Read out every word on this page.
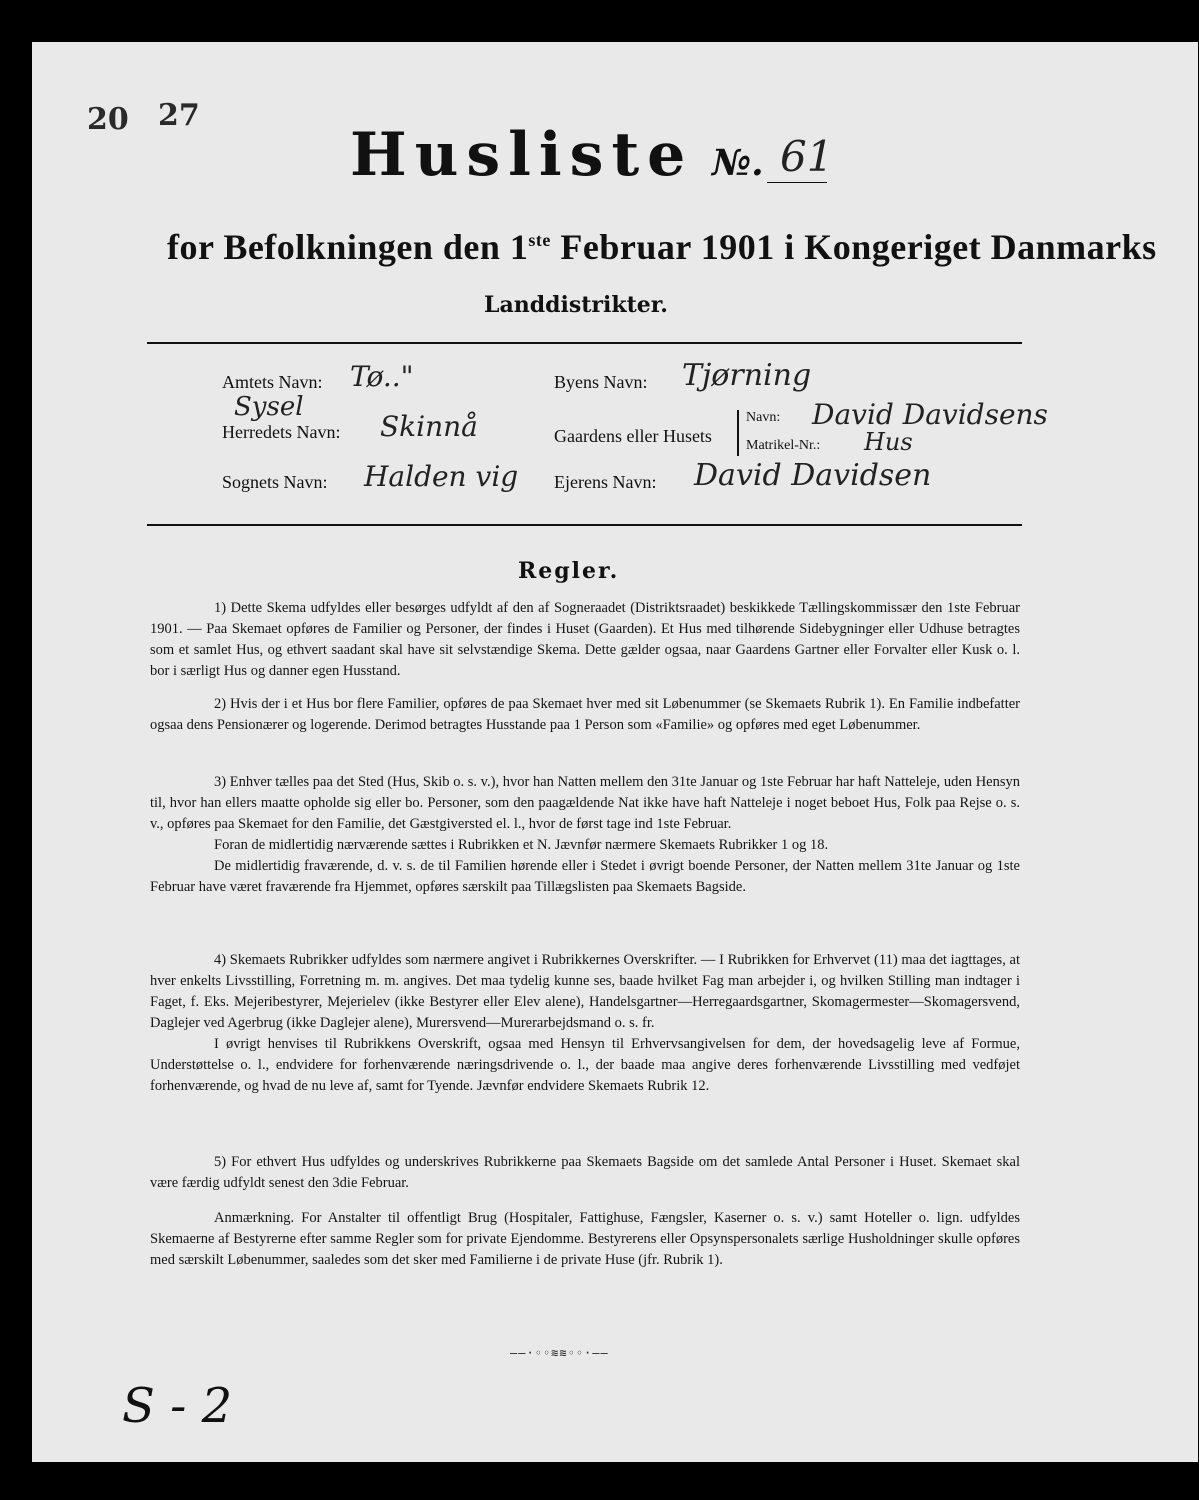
20 27
Husliste №. 61
for Befolkningen den 1ste Februar 1901 i Kongeriget Danmarks
Landdistrikter.
Amtets Navn: Tø.."
Sysel
Herredets Navn: Skinnå
Sognets Navn: Halden vig
Byens Navn: Tjørning
Gaardens eller Husets
Navn: David Davidsens
Matrikel-Nr.: Hus
Ejerens Navn: David Davidsen
Regler.

1) Dette Skema udfyldes eller besørges udfyldt af den af Sogneraadet (Distriktsraadet) beskikkede Tællingskommissær den 1ste Februar 1901. — Paa Skemaet opføres de Familier og Personer, der findes i Huset (Gaarden). Et Hus med tilhørende Sidebygninger eller Udhuse betragtes som et samlet Hus, og ethvert saadant skal have sit selvstændige Skema. Dette gælder ogsaa, naar Gaardens Gartner eller Forvalter eller Kusk o. l. bor i særligt Hus og danner egen Husstand.

2) Hvis der i et Hus bor flere Familier, opføres de paa Skemaet hver med sit Løbenummer (se Skemaets Rubrik 1). En Familie indbefatter ogsaa dens Pensionærer og logerende. Derimod betragtes Husstande paa 1 Person som «Familie» og opføres med eget Løbenummer.

3) Enhver tælles paa det Sted (Hus, Skib o. s. v.), hvor han Natten mellem den 31te Januar og 1ste Februar har haft Natteleje, uden Hensyn til, hvor han ellers maatte opholde sig eller bo. Personer, som den paagældende Nat ikke have haft Natteleje i noget beboet Hus, Folk paa Rejse o. s. v., opføres paa Skemaet for den Familie, det Gæstgiversted el. l., hvor de først tage ind 1ste Februar.

Foran de midlertidig nærværende sættes i Rubrikken et N. Jævnfør nærmere Skemaets Rubrikker 1 og 18.

De midlertidig fraværende, d. v. s. de til Familien hørende eller i Stedet i øvrigt boende Personer, der Natten mellem 31te Januar og 1ste Februar have været fraværende fra Hjemmet, opføres særskilt paa Tillægslisten paa Skemaets Bagside.

4) Skemaets Rubrikker udfyldes som nærmere angivet i Rubrikkernes Overskrifter. — I Rubrikken for Erhvervet (11) maa det iagttages, at hver enkelts Livsstilling, Forretning m. m. angives. Det maa tydelig kunne ses, baade hvilket Fag man arbejder i, og hvilken Stilling man indtager i Faget, f. Eks. Mejeribestyrer, Mejerielev (ikke Bestyrer eller Elev alene), Handelsgartner—Herregaardsgartner, Skomagermester—Skomagersvend, Daglejer ved Agerbrug (ikke Daglejer alene), Murersvend—Murerarbejdsmand o. s. fr.

I øvrigt henvises til Rubrikkens Overskrift, ogsaa med Hensyn til Erhvervsangivelsen for dem, der hovedsagelig leve af Formue, Understøttelse o. l., endvidere for forhenværende næringsdrivende o. l., der baade maa angive deres forhenværende Livsstilling med vedføjet forhenværende, og hvad de nu leve af, samt for Tyende. Jævnfør endvidere Skemaets Rubrik 12.

5) For ethvert Hus udfyldes og underskrives Rubrikkerne paa Skemaets Bagside om det samlede Antal Personer i Huset. Skemaet skal være færdig udfyldt senest den 3die Februar.

Anmærkning. For Anstalter til offentligt Brug (Hospitaler, Fattighuse, Fængsler, Kaserner o. s. v.) samt Hoteller o. lign. udfyldes Skemaerne af Bestyrerne efter samme Regler som for private Ejendomme. Bestyrerens eller Opsynspersonalets særlige Husholdninger skulle opføres med særskilt Løbenummer, saaledes som det sker med Familierne i de private Huse (jfr. Rubrik 1).

——·◦◦≋≋◦◦·——
S - 2
